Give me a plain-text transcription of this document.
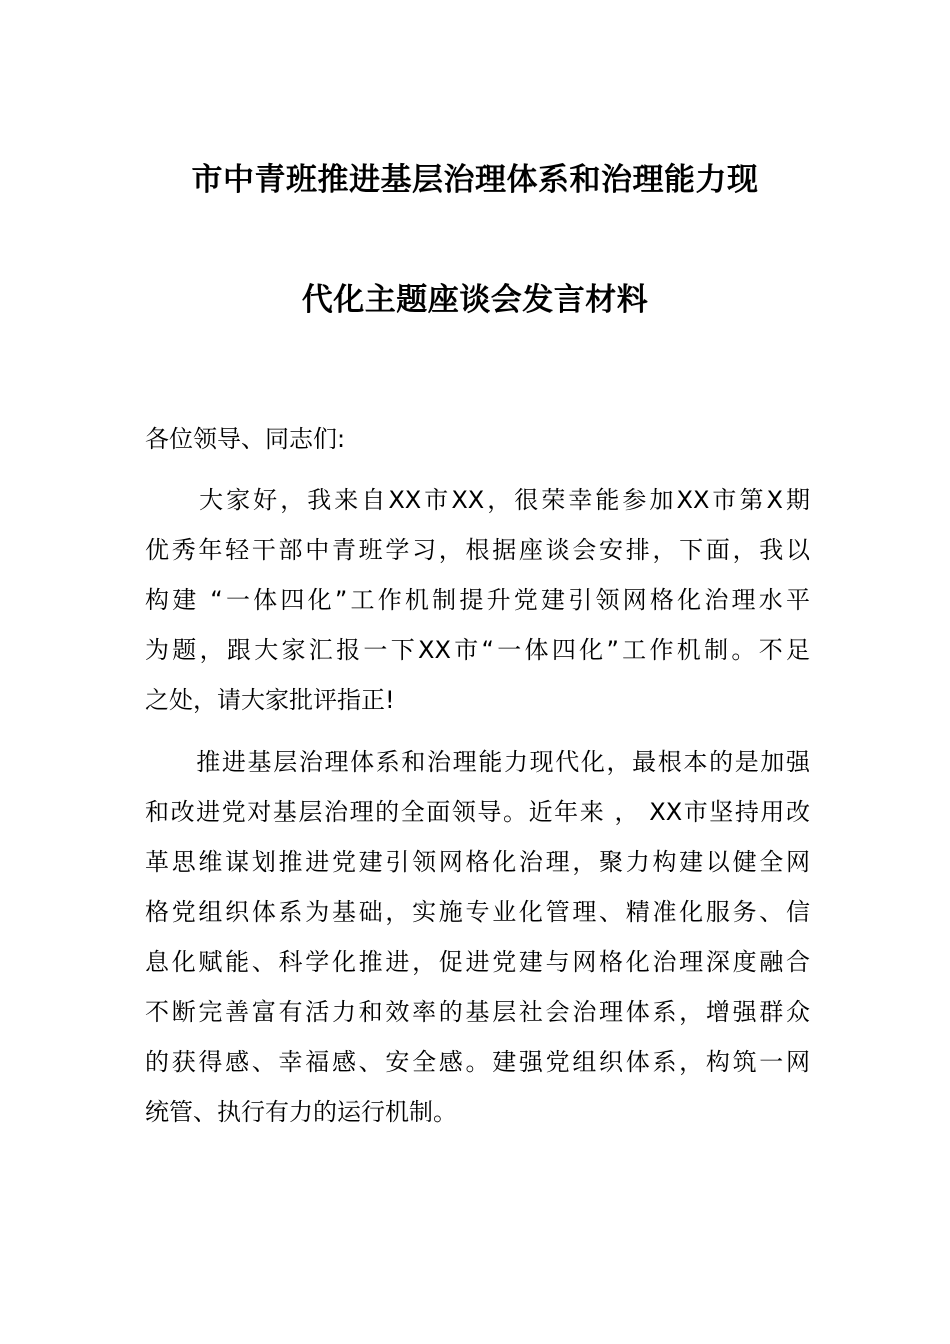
市中青班推进基层治理体系和治理能力现
代化主题座谈会发言材料
各位领导、同志们:
　　大家好，我来自XX市XX，很荣幸能参加XX市第X期
优秀年轻干部中青班学习，根据座谈会安排，下面，我以
构建 “一体四化”工作机制提升党建引领网格化治理水平
为题，跟大家汇报一下XX市“一体四化”工作机制。不足
之处，请大家批评指正!
　　推进基层治理体系和治理能力现代化，最根本的是加强
和改进党对基层治理的全面领导。近年来 ， XX市坚持用改
革思维谋划推进党建引领网格化治理，聚力构建以健全网
格党组织体系为基础，实施专业化管理、精准化服务、信
息化赋能、科学化推进，促进党建与网格化治理深度融合
不断完善富有活力和效率的基层社会治理体系，增强群众
的获得感、幸福感、安全感。建强党组织体系，构筑一网
统管、执行有力的运行机制。
